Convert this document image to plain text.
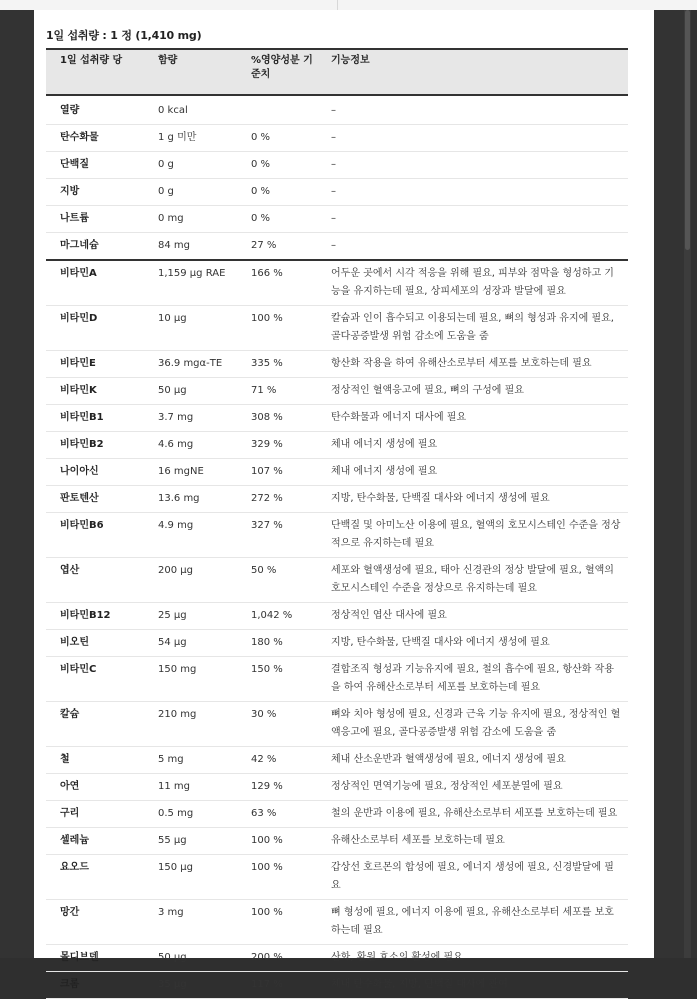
1일 섭취량 : 1 정 (1,410 mg)
1일 섭취량 당	함량	%영양성분 기준치	기능정보
열량	0 kcal		–
탄수화물	1 g 미만	0 %	–
단백질	0 g	0 %	–
지방	0 g	0 %	–
나트륨	0 mg	0 %	–
마그네슘	84 mg	27 %	–
비타민A	1,159 µg RAE	166 %	어두운 곳에서 시각 적응을 위해 필요, 피부와 점막을 형성하고 기능을 유지하는데 필요, 상피세포의 성장과 발달에 필요
비타민D	10 µg	100 %	칼슘과 인이 흡수되고 이용되는데 필요, 뼈의 형성과 유지에 필요, 골다공증발생 위험 감소에 도움을 줌
비타민E	36.9 mgα-TE	335 %	항산화 작용을 하여 유해산소로부터 세포를 보호하는데 필요
비타민K	50 µg	71 %	정상적인 혈액응고에 필요, 뼈의 구성에 필요
비타민B1	3.7 mg	308 %	탄수화물과 에너지 대사에 필요
비타민B2	4.6 mg	329 %	체내 에너지 생성에 필요
나이아신	16 mgNE	107 %	체내 에너지 생성에 필요
판토텐산	13.6 mg	272 %	지방, 탄수화물, 단백질 대사와 에너지 생성에 필요
비타민B6	4.9 mg	327 %	단백질 및 아미노산 이용에 필요, 혈액의 호모시스테인 수준을 정상적으로 유지하는데 필요
엽산	200 µg	50 %	세포와 혈액생성에 필요, 태아 신경관의 정상 발달에 필요, 혈액의 호모시스테인 수준을 정상으로 유지하는데 필요
비타민B12	25 µg	1,042 %	정상적인 엽산 대사에 필요
비오틴	54 µg	180 %	지방, 탄수화물, 단백질 대사와 에너지 생성에 필요
비타민C	150 mg	150 %	결합조직 형성과 기능유지에 필요, 철의 흡수에 필요, 항산화 작용을 하여 유해산소로부터 세포를 보호하는데 필요
칼슘	210 mg	30 %	뼈와 치아 형성에 필요, 신경과 근육 기능 유지에 필요, 정상적인 혈액응고에 필요, 골다공증발생 위험 감소에 도움을 줌
철	5 mg	42 %	체내 산소운반과 혈액생성에 필요, 에너지 생성에 필요
아연	11 mg	129 %	정상적인 면역기능에 필요, 정상적인 세포분열에 필요
구리	0.5 mg	63 %	철의 운반과 이용에 필요, 유해산소로부터 세포를 보호하는데 필요
셀레늄	55 µg	100 %	유해산소로부터 세포를 보호하는데 필요
요오드	150 µg	100 %	갑상선 호르몬의 합성에 필요, 에너지 생성에 필요, 신경발달에 필요
망간	3 mg	100 %	뼈 형성에 필요, 에너지 이용에 필요, 유해산소로부터 세포를 보호하는데 필요
몰디브덴	50 µg	200 %	산화, 환원 효소의 활성에 필요
크롬	35 µg	117 %	체내 탄수화물, 지방, 단백질 대사에 관여
